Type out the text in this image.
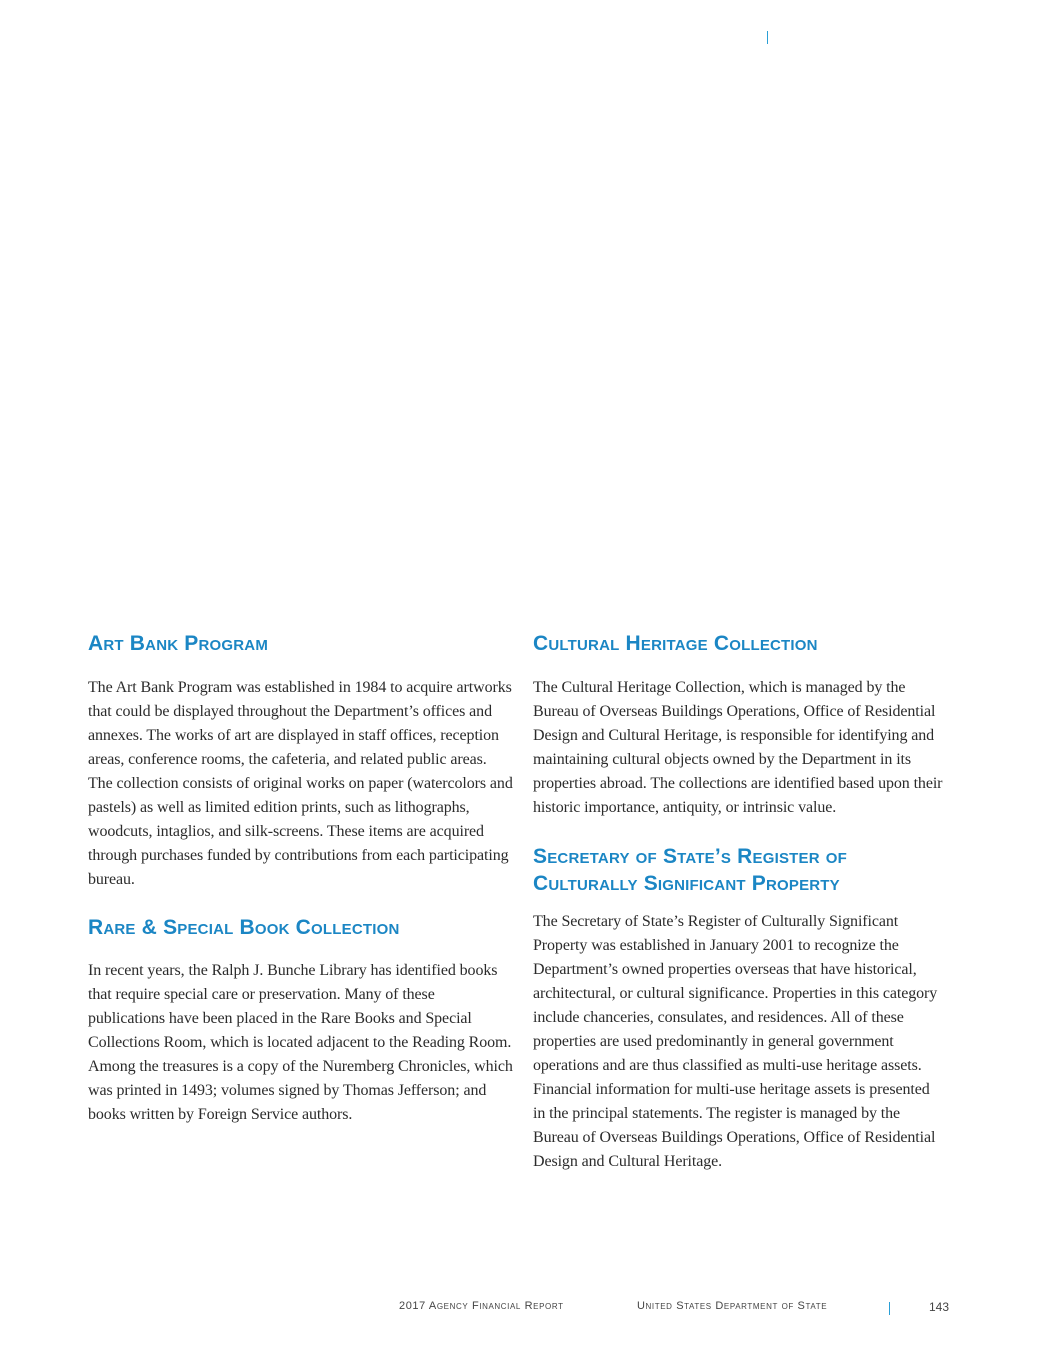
Art Bank Program

The Art Bank Program was established in 1984 to acquire artworks that could be displayed throughout the Department’s offices and annexes. The works of art are displayed in staff offices, reception areas, conference rooms, the cafeteria, and related public areas. The collection consists of original works on paper (watercolors and pastels) as well as limited edition prints, such as lithographs, woodcuts, intaglios, and silk-screens. These items are acquired through purchases funded by contributions from each participating bureau.

Rare & Special Book Collection

In recent years, the Ralph J. Bunche Library has identified books that require special care or preservation. Many of these publications have been placed in the Rare Books and Special Collections Room, which is located adjacent to the Reading Room. Among the treasures is a copy of the Nuremberg Chronicles, which was printed in 1493; volumes signed by Thomas Jefferson; and books written by Foreign Service authors.

Cultural Heritage Collection

The Cultural Heritage Collection, which is managed by the Bureau of Overseas Buildings Operations, Office of Residential Design and Cultural Heritage, is responsible for identifying and maintaining cultural objects owned by the Department in its properties abroad. The collections are identified based upon their historic importance, antiquity, or intrinsic value.

Secretary of State’s Register of Culturally Significant Property

The Secretary of State’s Register of Culturally Significant Property was established in January 2001 to recognize the Department’s owned properties overseas that have historical, architectural, or cultural significance. Properties in this category include chanceries, consulates, and residences. All of these properties are used predominantly in general government operations and are thus classified as multi-use heritage assets. Financial information for multi-use heritage assets is presented in the principal statements. The register is managed by the Bureau of Overseas Buildings Operations, Office of Residential Design and Cultural Heritage.

2017 Agency Financial Report	United States Department of State	143
